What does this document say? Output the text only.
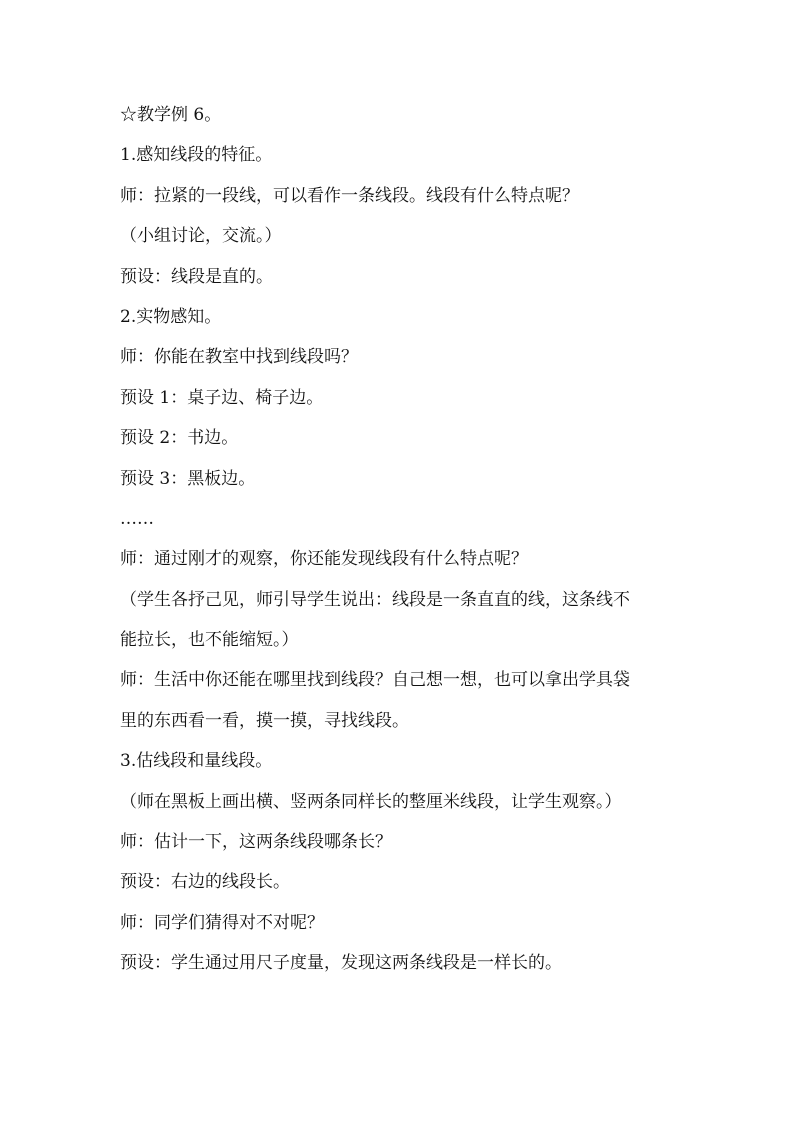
☆教学例 6。
1.感知线段的特征。
师：拉紧的一段线，可以看作一条线段。线段有什么特点呢？
（小组讨论，交流。）
预设：线段是直的。
2.实物感知。
师：你能在教室中找到线段吗？
预设 1：桌子边、椅子边。
预设 2：书边。
预设 3：黑板边。
……
师：通过刚才的观察，你还能发现线段有什么特点呢？
（学生各抒己见，师引导学生说出：线段是一条直直的线，这条线不
能拉长，也不能缩短。）
师：生活中你还能在哪里找到线段？自己想一想，也可以拿出学具袋
里的东西看一看，摸一摸，寻找线段。
3.估线段和量线段。
（师在黑板上画出横、竖两条同样长的整厘米线段，让学生观察。）
师：估计一下，这两条线段哪条长？
预设：右边的线段长。
师：同学们猜得对不对呢？
预设：学生通过用尺子度量，发现这两条线段是一样长的。
